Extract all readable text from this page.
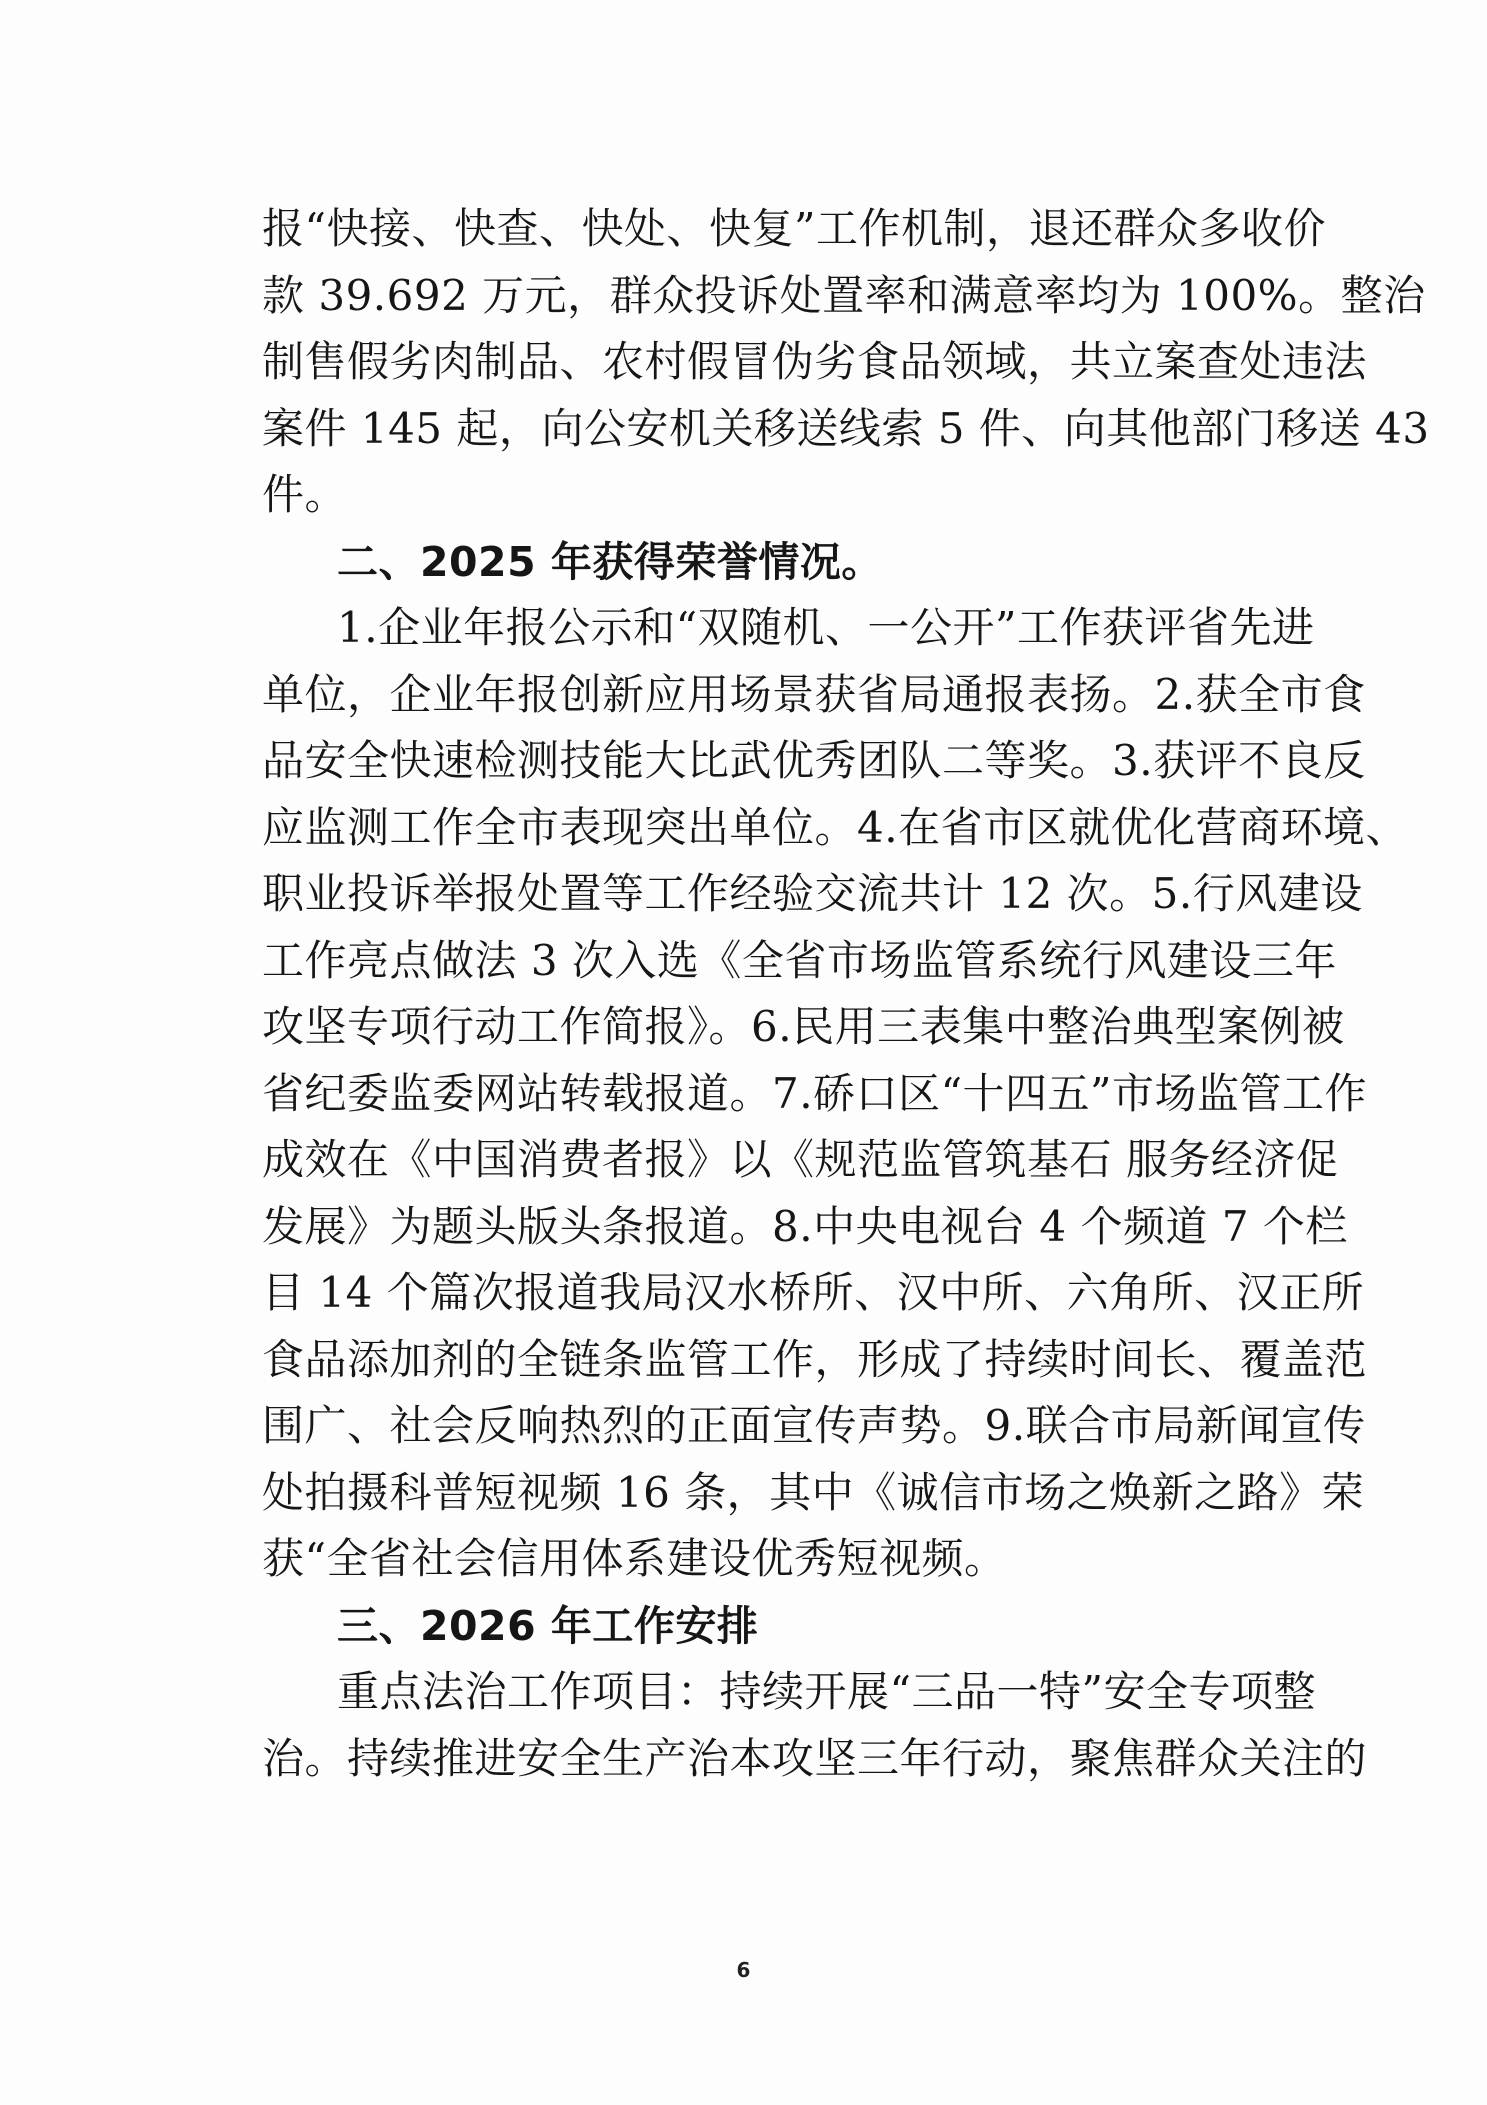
报“快接、快查、快处、快复”工作机制，退还群众多收价
款 39.692 万元，群众投诉处置率和满意率均为 100%。整治
制售假劣肉制品、农村假冒伪劣食品领域，共立案查处违法
案件 145 起，向公安机关移送线索 5 件、向其他部门移送 43
件。
二、2025 年获得荣誉情况。
1.企业年报公示和“双随机、一公开”工作获评省先进
单位，企业年报创新应用场景获省局通报表扬。2.获全市食
品安全快速检测技能大比武优秀团队二等奖。3.获评不良反
应监测工作全市表现突出单位。4.在省市区就优化营商环境、
职业投诉举报处置等工作经验交流共计 12 次。5.行风建设
工作亮点做法 3 次入选《全省市场监管系统行风建设三年
攻坚专项行动工作简报》。6.民用三表集中整治典型案例被
省纪委监委网站转载报道。7.硚口区“十四五”市场监管工作
成效在《中国消费者报》以《规范监管筑基石 服务经济促
发展》为题头版头条报道。8.中央电视台 4 个频道 7 个栏
目 14 个篇次报道我局汉水桥所、汉中所、六角所、汉正所
食品添加剂的全链条监管工作，形成了持续时间长、覆盖范
围广、社会反响热烈的正面宣传声势。9.联合市局新闻宣传
处拍摄科普短视频 16 条，其中《诚信市场之焕新之路》荣
获“全省社会信用体系建设优秀短视频。
三、2026 年工作安排
重点法治工作项目：持续开展“三品一特”安全专项整
治。持续推进安全生产治本攻坚三年行动，聚焦群众关注的
6
